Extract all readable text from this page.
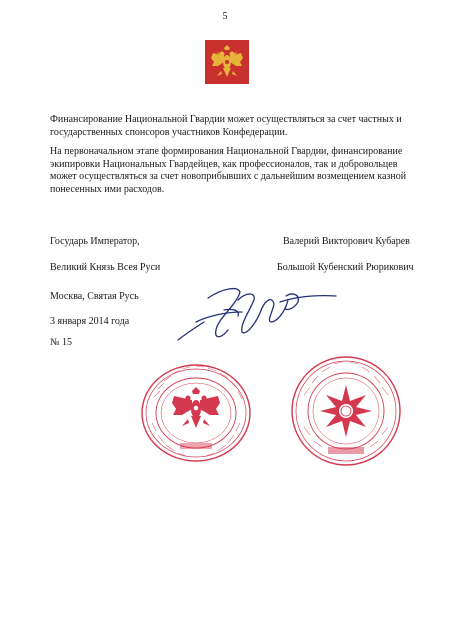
5

Финансирование Национальной Гвардии может осуществляться за счет частных и государственных спонсоров участников Конфедерации.

На первоначальном этапе формирования Национальной Гвардии, финансирование экипировки Национальных Гвардейцев, как профессионалов, так и добровольцев может осуществляться за счет новоприбывших с дальнейшим возмещением казной понесенных ими расходов.

Государь Император,
Великий Князь Всея Руси
Валерий Викторович Кубарев
Большой Кубенский Рюрикович
Москва, Святая Русь
3 января 2014 года
№ 15
